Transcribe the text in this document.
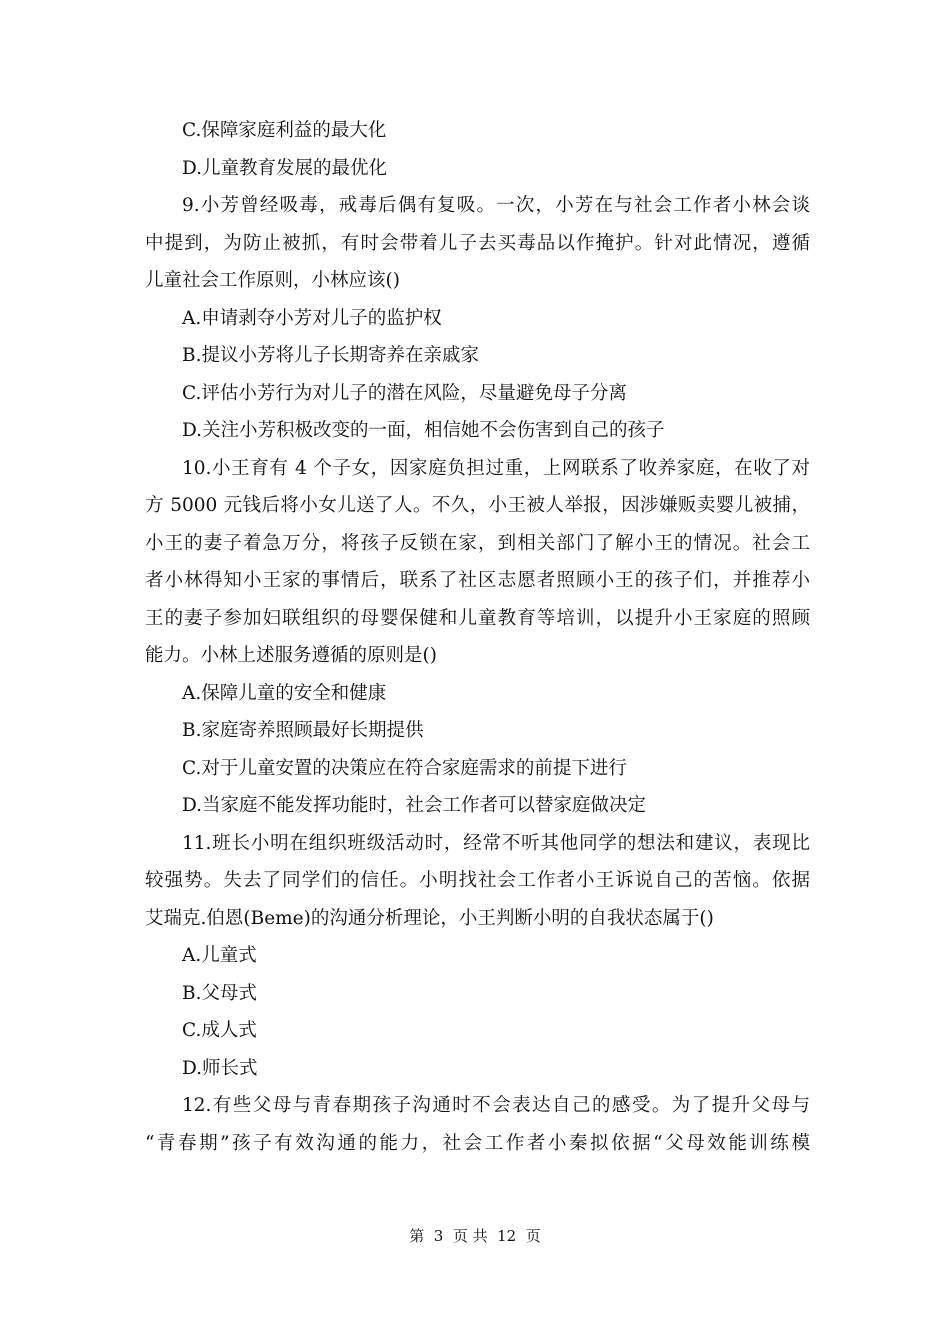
C.保障家庭利益的最大化
D.儿童教育发展的最优化
9.小芳曾经吸毒，戒毒后偶有复吸。一次，小芳在与社会工作者小林会谈
中提到，为防止被抓，有时会带着儿子去买毒品以作掩护。针对此情况，遵循
儿童社会工作原则，小林应该()
A.申请剥夺小芳对儿子的监护权
B.提议小芳将儿子长期寄养在亲戚家
C.评估小芳行为对儿子的潜在风险，尽量避免母子分离
D.关注小芳积极改变的一面，相信她不会伤害到自己的孩子
10.小王育有 4 个子女，因家庭负担过重，上网联系了收养家庭，在收了对
方 5000 元钱后将小女儿送了人。不久，小王被人举报，因涉嫌贩卖婴儿被捕，
小王的妻子着急万分，将孩子反锁在家，到相关部门了解小王的情况。社会工
者小林得知小王家的事情后，联系了社区志愿者照顾小王的孩子们，并推荐小
王的妻子参加妇联组织的母婴保健和儿童教育等培训，以提升小王家庭的照顾
能力。小林上述服务遵循的原则是()
A.保障儿童的安全和健康
B.家庭寄养照顾最好长期提供
C.对于儿童安置的决策应在符合家庭需求的前提下进行
D.当家庭不能发挥功能时，社会工作者可以替家庭做决定
11.班长小明在组织班级活动时，经常不听其他同学的想法和建议，表现比
较强势。失去了同学们的信任。小明找社会工作者小王诉说自己的苦恼。依据
艾瑞克.伯恩(Beme)的沟通分析理论，小王判断小明的自我状态属于()
A.儿童式
B.父母式
C.成人式
D.师长式
12.有些父母与青春期孩子沟通时不会表达自己的感受。为了提升父母与
“青春期”孩子有效沟通的能力，社会工作者小秦拟依据“父母效能训练模
第  3  页 共  12  页
